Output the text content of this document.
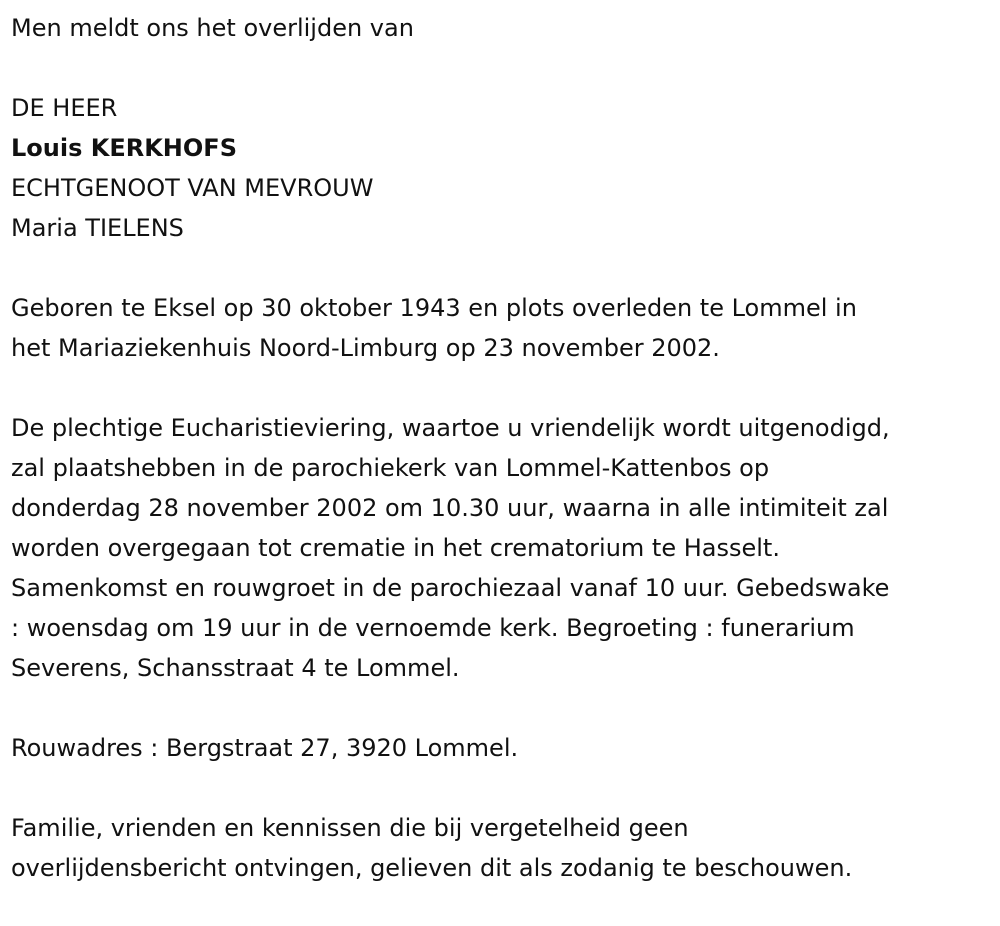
Men meldt ons het overlijden van

DE HEER

Louis KERKHOFS

ECHTGENOOT VAN MEVROUW

Maria TIELENS

Geboren te Eksel op 30 oktober 1943 en plots overleden te Lommel in

het Mariaziekenhuis Noord-Limburg op 23 november 2002.

De plechtige Eucharistieviering, waartoe u vriendelijk wordt uitgenodigd,

zal plaatshebben in de parochiekerk van Lommel-Kattenbos op

donderdag 28 november 2002 om 10.30 uur, waarna in alle intimiteit zal

worden overgegaan tot crematie in het crematorium te Hasselt.

Samenkomst en rouwgroet in de parochiezaal vanaf 10 uur. Gebedswake

: woensdag om 19 uur in de vernoemde kerk. Begroeting : funerarium

Severens, Schansstraat 4 te Lommel.

Rouwadres : Bergstraat 27, 3920 Lommel.

Familie, vrienden en kennissen die bij vergetelheid geen

overlijdensbericht ontvingen, gelieven dit als zodanig te beschouwen.
